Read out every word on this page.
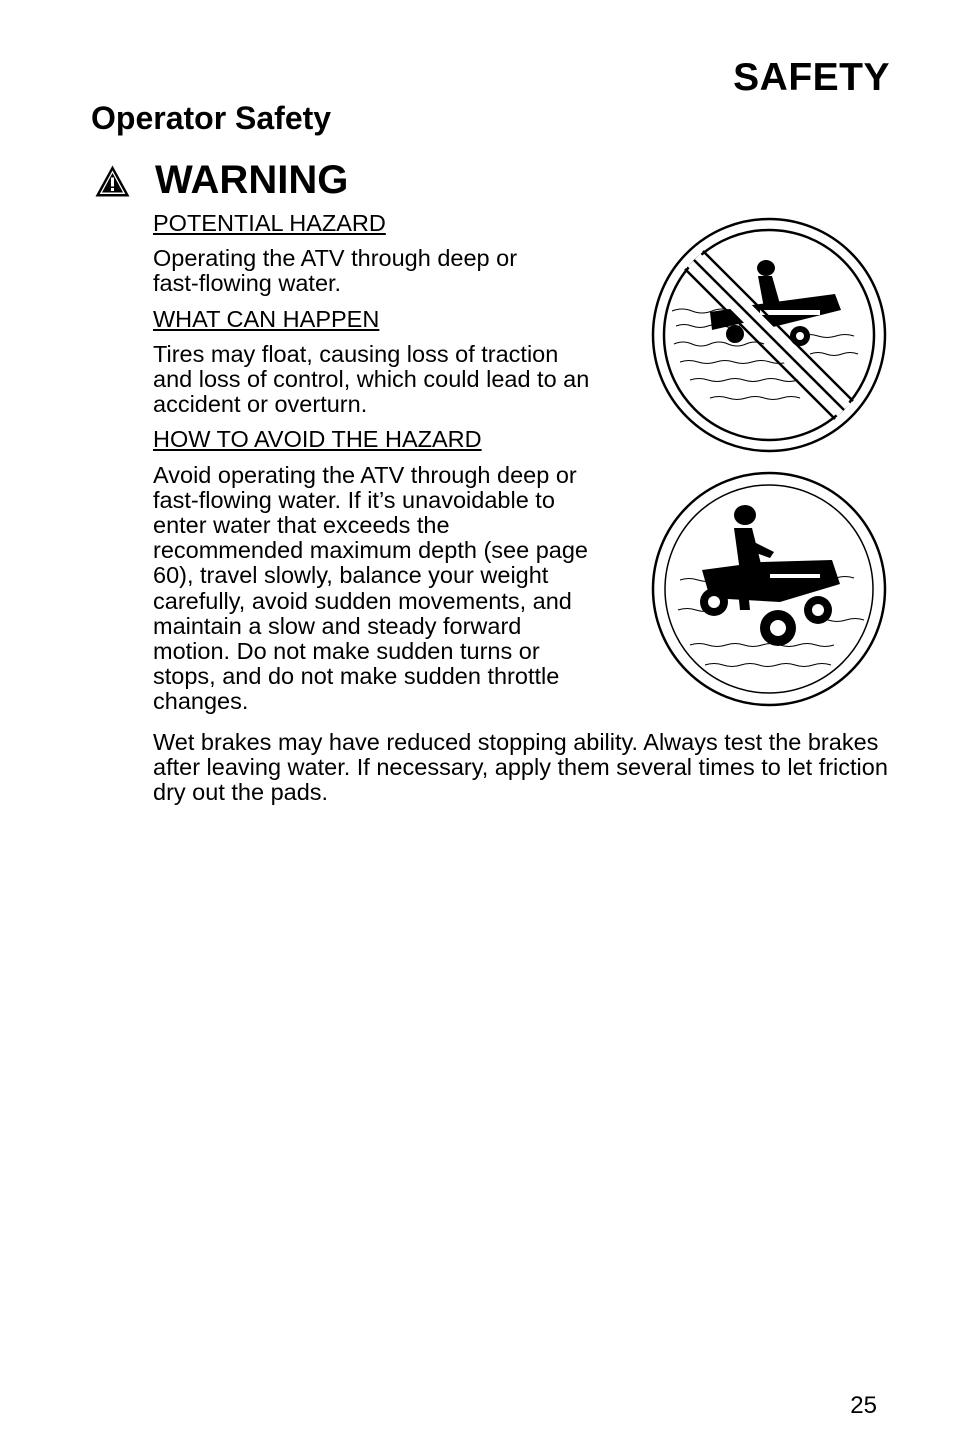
SAFETY
Operator Safety
WARNING

POTENTIAL HAZARD

Operating the ATV through deep or fast-flowing water.

WHAT CAN HAPPEN

Tires may float, causing loss of traction and loss of control, which could lead to an accident or overturn.

HOW TO AVOID THE HAZARD

Avoid operating the ATV through deep or fast-flowing water. If it’s unavoidable to enter water that exceeds the recommended maximum depth (see page 60), travel slowly, balance your weight carefully, avoid sudden movements, and maintain a slow and steady forward motion. Do not make sudden turns or stops, and do not make sudden throttle changes.

Wet brakes may have reduced stopping ability. Always test the brakes after leaving water. If necessary, apply them several times to let friction dry out the pads.

25
